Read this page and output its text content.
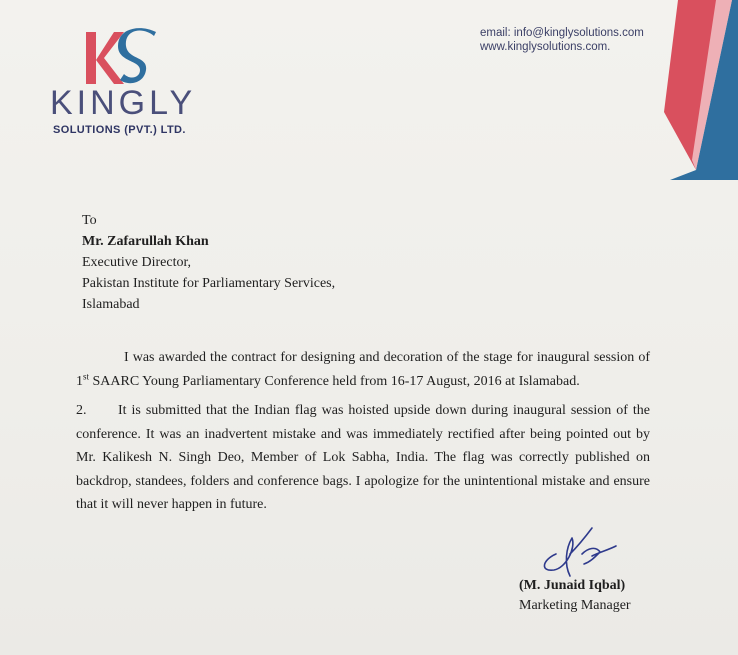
KINGLY
SOLUTIONS (PVT.) LTD.
email: info@kinglysolutions.com
www.kinglysolutions.com.
To
Mr. Zafarullah Khan
Executive Director,
Pakistan Institute for Parliamentary Services,
Islamabad

I was awarded the contract for designing and decoration of the stage for inaugural session of 1st SAARC Young Parliamentary Conference held from 16-17 August, 2016 at Islamabad.

2. It is submitted that the Indian flag was hoisted upside down during inaugural session of the conference. It was an inadvertent mistake and was immediately rectified after being pointed out by Mr. Kalikesh N. Singh Deo, Member of Lok Sabha, India. The flag was correctly published on backdrop, standees, folders and conference bags. I apologize for the unintentional mistake and ensure that it will never happen in future.

(M. Junaid Iqbal)
Marketing Manager
